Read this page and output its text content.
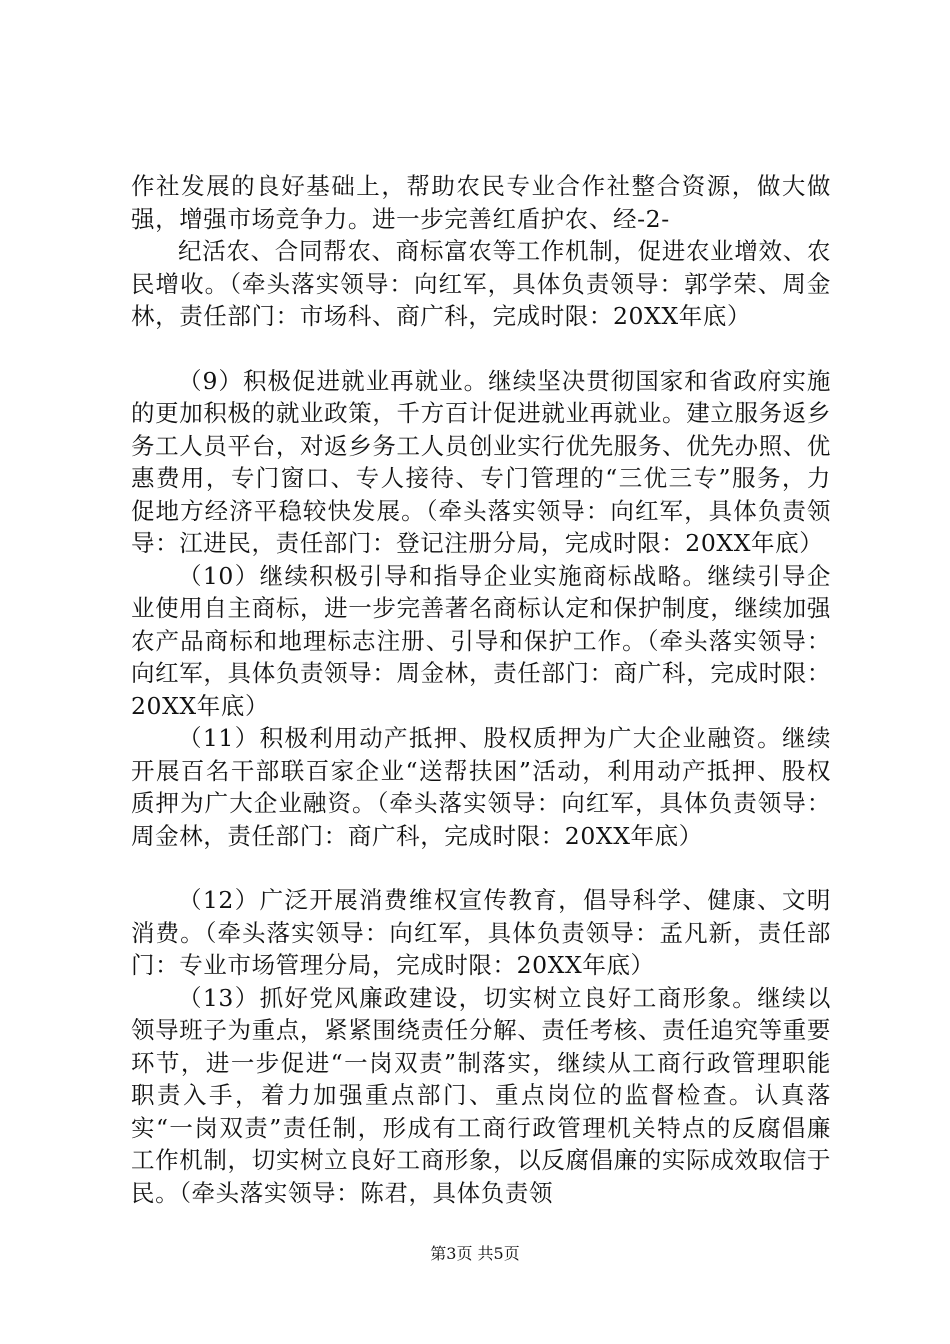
作社发展的良好基础上，帮助农民专业合作社整合资源，做大做强，增强市场竞争力。进一步完善红盾护农、经-2-

纪活农、合同帮农、商标富农等工作机制，促进农业增效、农民增收。（牵头落实领导：向红军，具体负责领导：郭学荣、周金林，责任部门：市场科、商广科，完成时限：20XX年底）

（9）积极促进就业再就业。继续坚决贯彻国家和省政府实施的更加积极的就业政策，千方百计促进就业再就业。建立服务返乡务工人员平台，对返乡务工人员创业实行优先服务、优先办照、优惠费用，专门窗口、专人接待、专门管理的“三优三专”服务，力促地方经济平稳较快发展。（牵头落实领导：向红军，具体负责领导：江进民，责任部门：登记注册分局，完成时限：20XX年底）

（10）继续积极引导和指导企业实施商标战略。继续引导企业使用自主商标，进一步完善著名商标认定和保护制度，继续加强农产品商标和地理标志注册、引导和保护工作。（牵头落实领导：向红军，具体负责领导：周金林，责任部门：商广科，完成时限：20XX年底）

（11）积极利用动产抵押、股权质押为广大企业融资。继续开展百名干部联百家企业“送帮扶困”活动，利用动产抵押、股权质押为广大企业融资。（牵头落实领导：向红军，具体负责领导：周金林，责任部门：商广科，完成时限：20XX年底）

（12）广泛开展消费维权宣传教育，倡导科学、健康、文明消费。（牵头落实领导：向红军，具体负责领导：孟凡新，责任部门：专业市场管理分局，完成时限：20XX年底）

（13）抓好党风廉政建设，切实树立良好工商形象。继续以领导班子为重点，紧紧围绕责任分解、责任考核、责任追究等重要环节，进一步促进“一岗双责”制落实，继续从工商行政管理职能职责入手，着力加强重点部门、重点岗位的监督检查。认真落实“一岗双责”责任制，形成有工商行政管理机关特点的反腐倡廉工作机制，切实树立良好工商形象，以反腐倡廉的实际成效取信于民。（牵头落实领导：陈君，具体负责领

第3页 共5页
